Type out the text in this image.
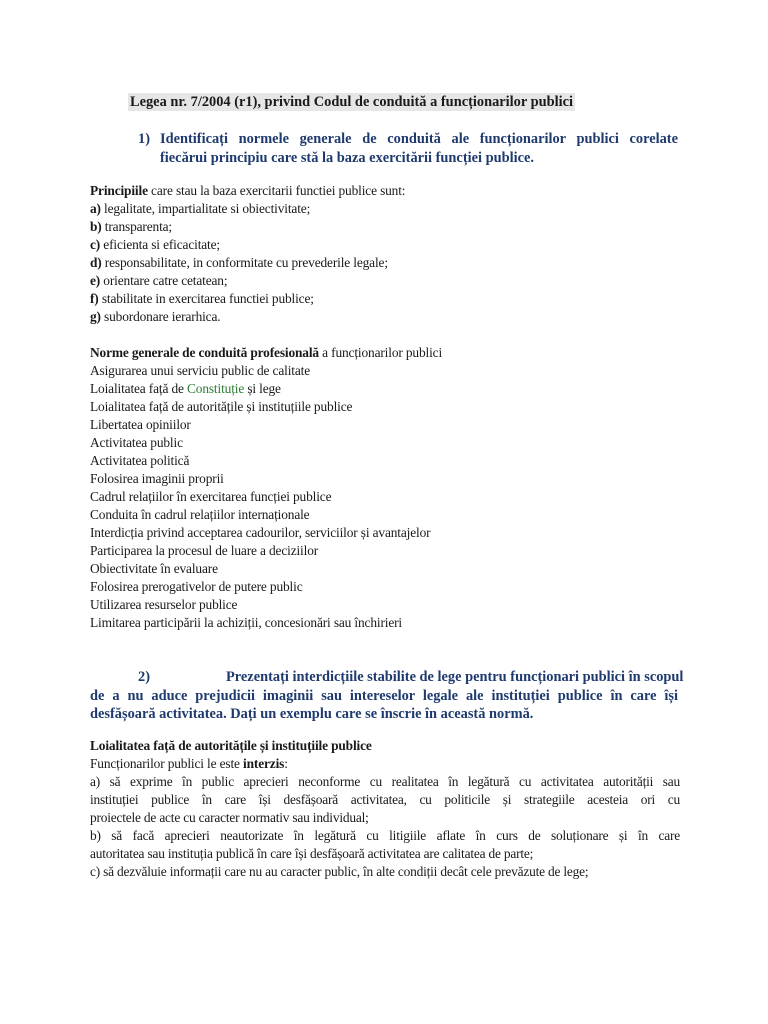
Legea nr. 7/2004 (r1), privind Codul de conduită a funcționarilor publici
1) Identificați normele generale de conduită ale funcționarilor publici corelate
fiecărui principiu care stă la baza exercitării funcției publice.
Principiile care stau la baza exercitarii functiei publice sunt:
a) legalitate, impartialitate si obiectivitate;
b) transparenta;
c) eficienta si eficacitate;
d) responsabilitate, in conformitate cu prevederile legale;
e) orientare catre cetatean;
f) stabilitate in exercitarea functiei publice;
g) subordonare ierarhica.
Norme generale de conduită profesională a funcționarilor publici
Asigurarea unui serviciu public de calitate
Loialitatea față de Constituție și lege
Loialitatea față de autoritățile și instituțiile publice
Libertatea opiniilor
Activitatea public
Activitatea politică
Folosirea imaginii proprii
Cadrul relațiilor în exercitarea funcției publice
Conduita în cadrul relațiilor internaționale
Interdicția privind acceptarea cadourilor, serviciilor și avantajelor
Participarea la procesul de luare a deciziilor
Obiectivitate în evaluare
Folosirea prerogativelor de putere public
Utilizarea resurselor publice
Limitarea participării la achiziții, concesionări sau închirieri
2)	Prezentați interdicțiile stabilite de lege pentru funcționari publici în scopul
de a nu aduce prejudicii imaginii sau intereselor legale ale instituției publice în care își
desfășoară activitatea. Dați un exemplu care se înscrie în această normă.
Loialitatea față de autoritățile și instituțiile publice
Funcționarilor publici le este interzis:
a) să exprime în public aprecieri neconforme cu realitatea în legătură cu activitatea autorității sau
instituției publice în care își desfășoară activitatea, cu politicile și strategiile acesteia ori cu
proiectele de acte cu caracter normativ sau individual;
b) să facă aprecieri neautorizate în legătură cu litigiile aflate în curs de soluționare și în care
autoritatea sau instituția publică în care își desfășoară activitatea are calitatea de parte;
c) să dezvăluie informații care nu au caracter public, în alte condiții decât cele prevăzute de lege;
